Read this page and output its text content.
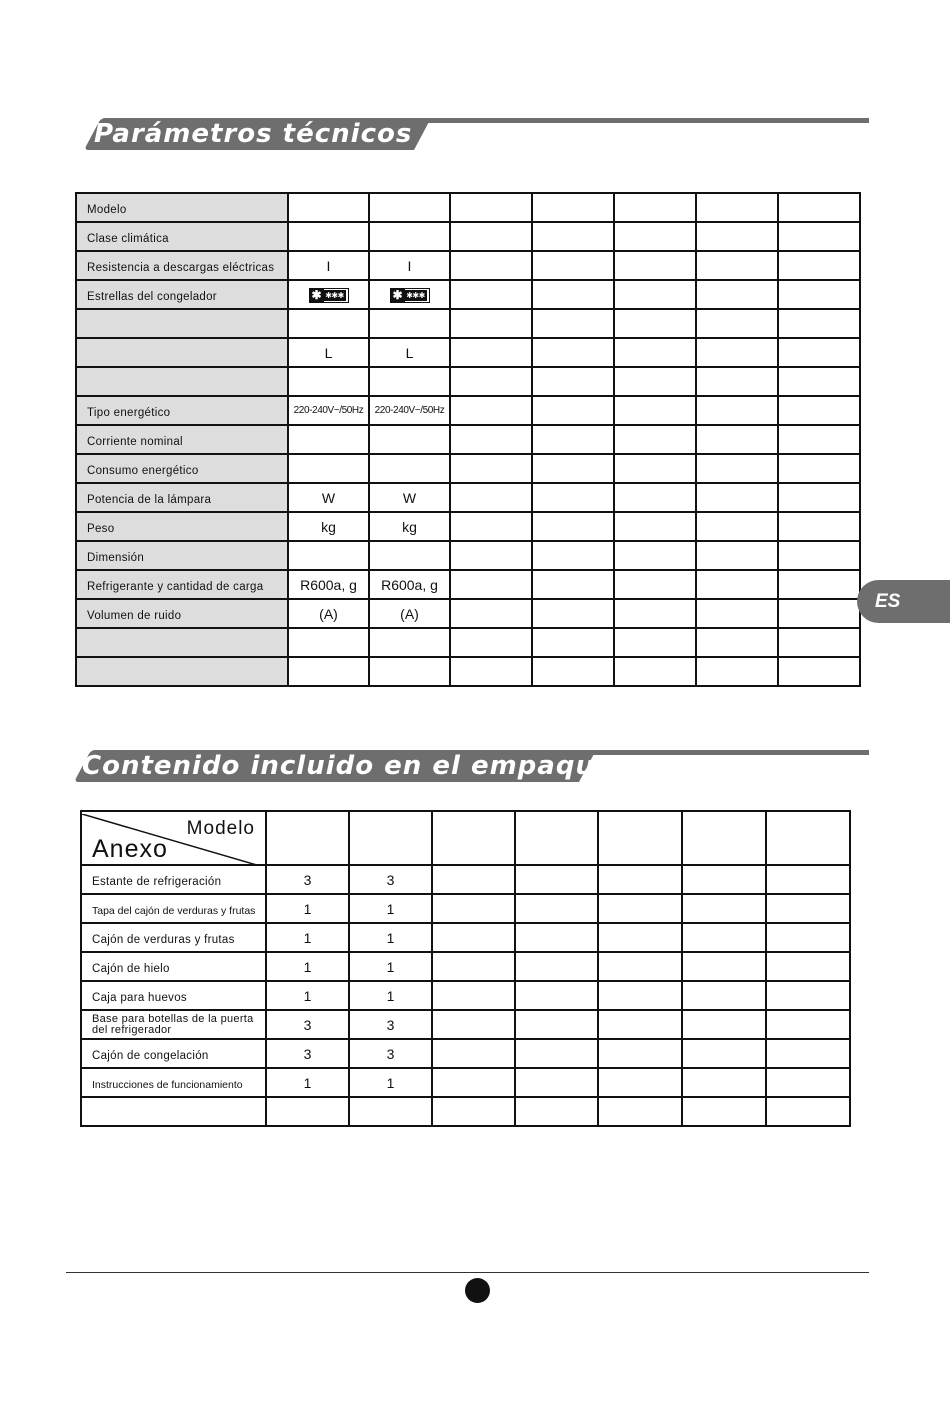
Parámetros técnicos
Modelo							
Clase climática							
Resistencia a descargas eléctricas	I	I					
Estrellas del congelador	✱ ✱✱✱	✱ ✱✱✱					

	L	L					

Tipo energético	220-240V~/50Hz	220-240V~/50Hz					
Corriente nominal							
Consumo energético							
Potencia de la lámpara	W	W					
Peso	kg	kg					
Dimensión							
Refrigerante y cantidad de carga	R600a, g	R600a, g					
Volumen de ruido	(A)	(A)					

ES
Contenido incluido en el empaque
Modelo
Anexo							

Estante de refrigeración	3	3					
Tapa del cajón de verduras y frutas	1	1					
Cajón de verduras y frutas	1	1					
Cajón de hielo	1	1					
Caja para huevos	1	1					
Base para botellas de la puerta del refrigerador	3	3					
Cajón de congelación	3	3					
Instrucciones de funcionamiento	1	1					
